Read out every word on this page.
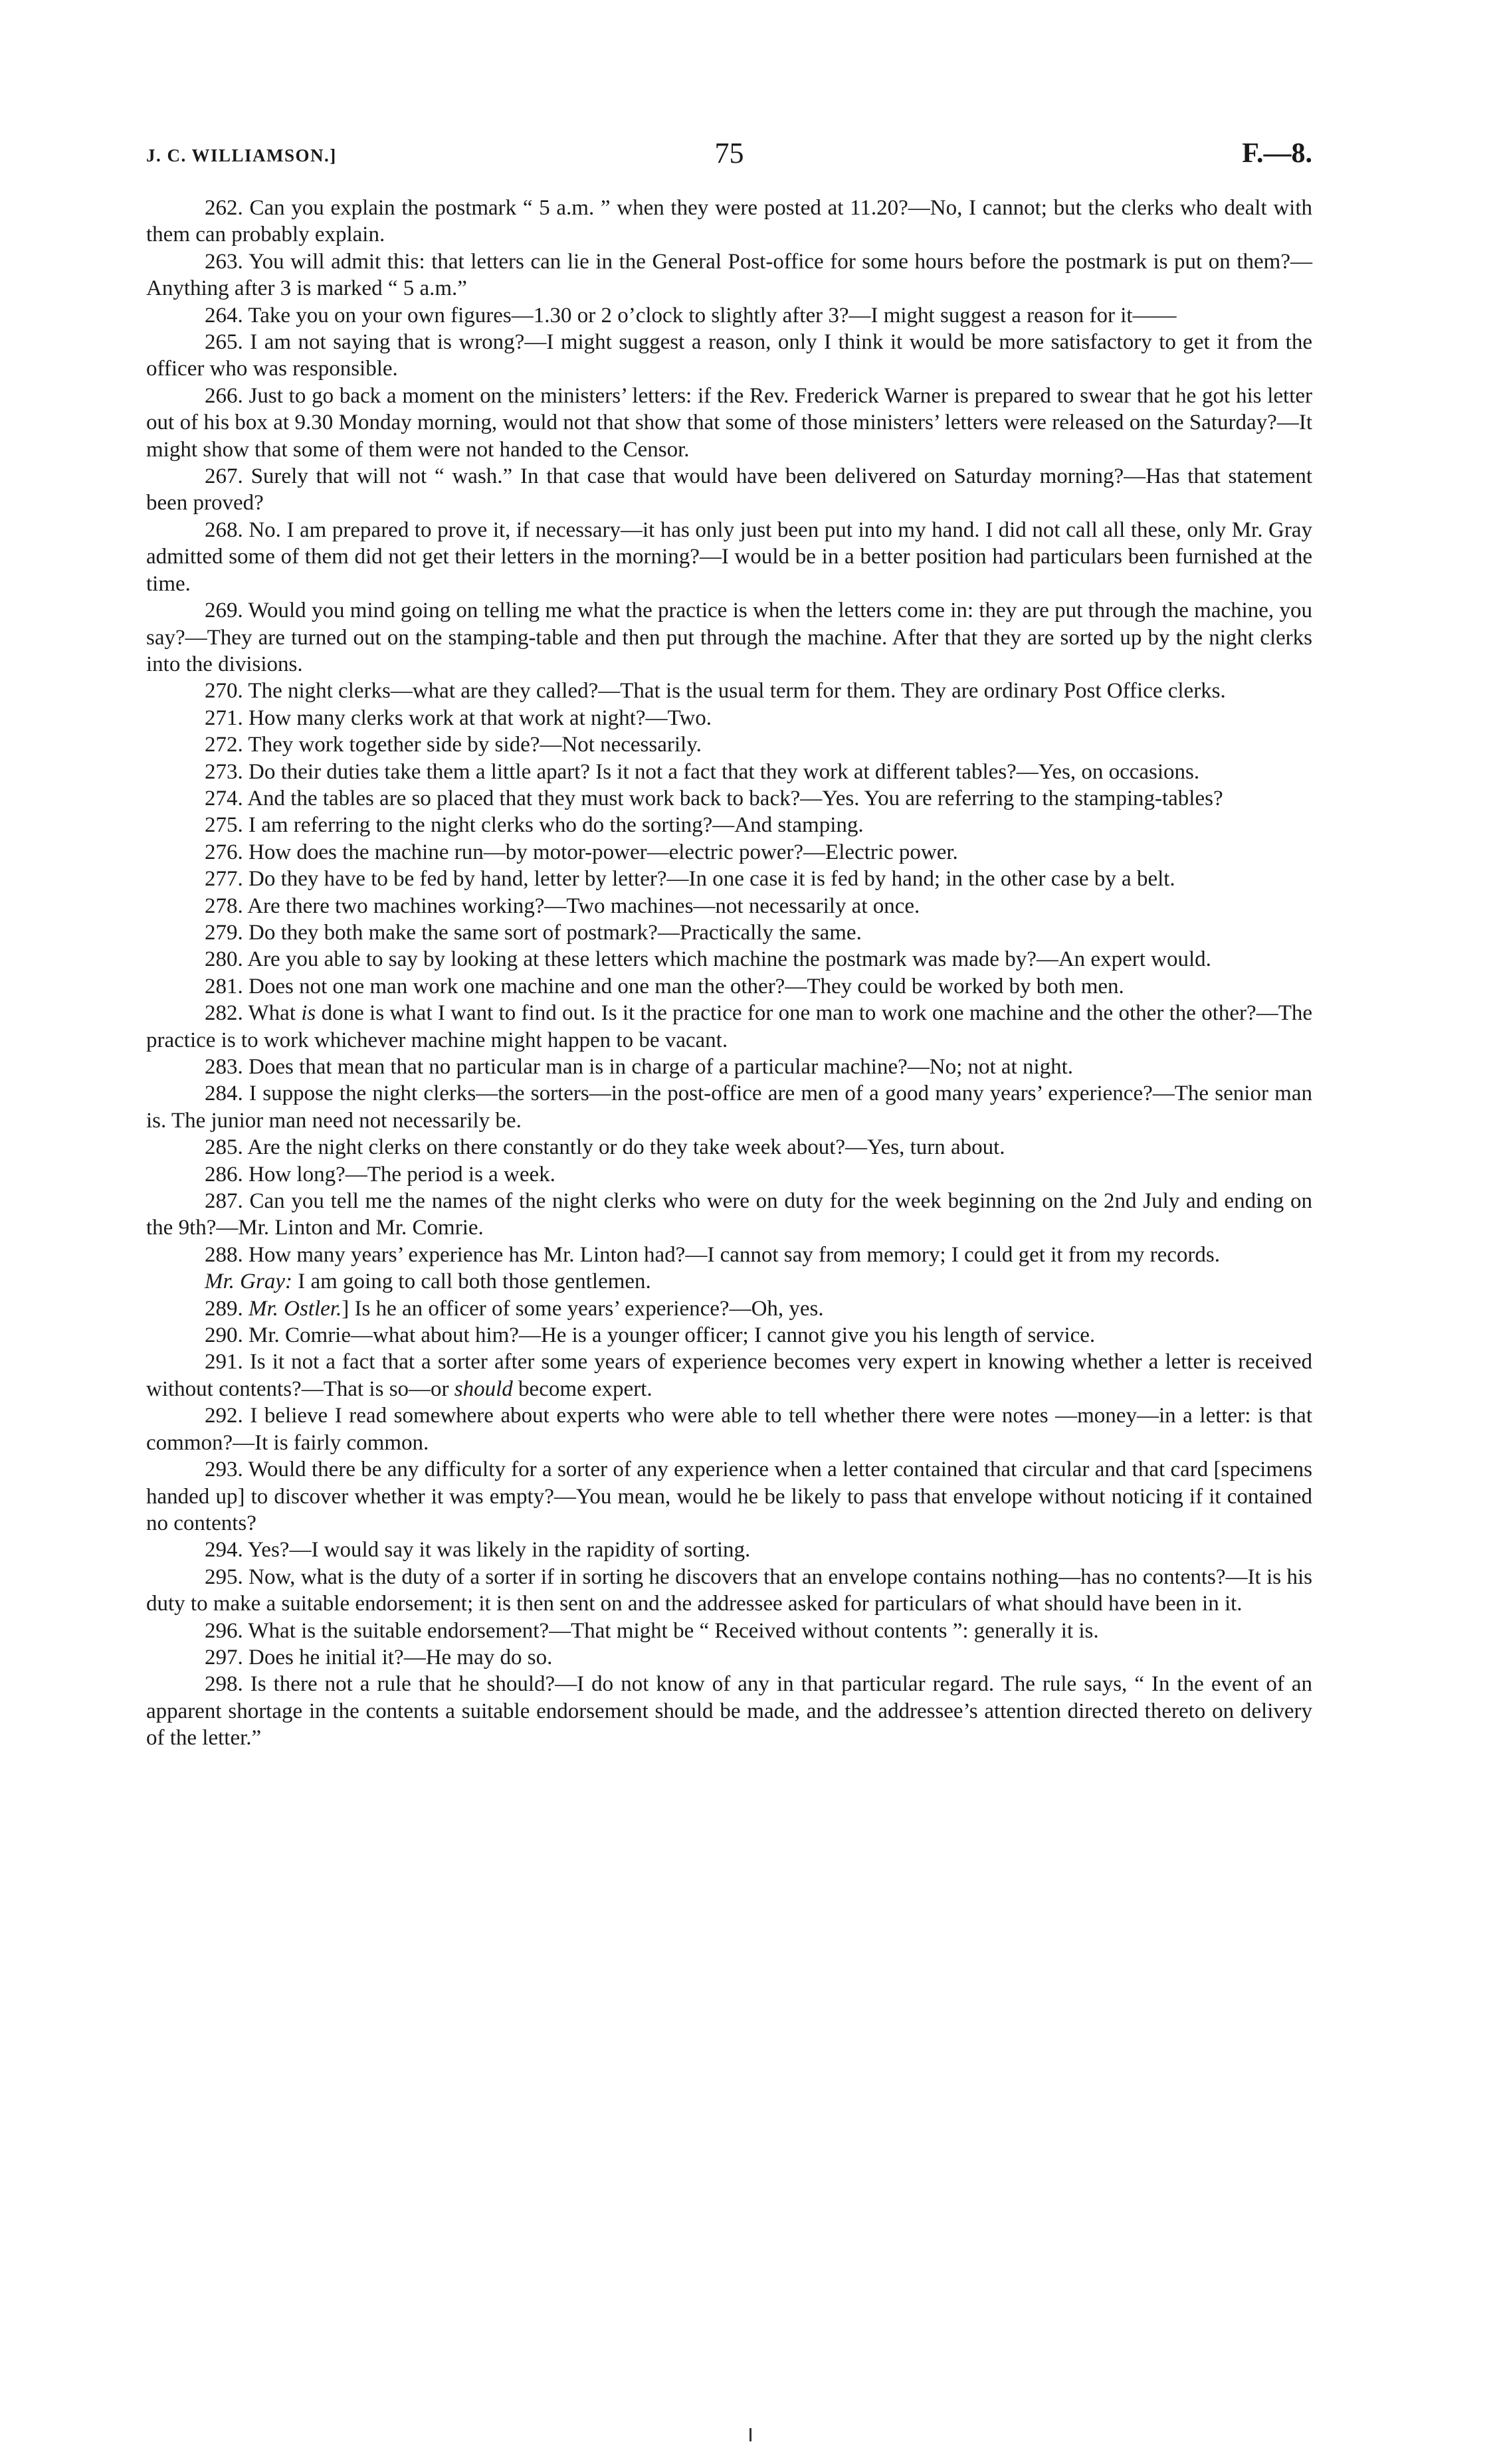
J. C. WILLIAMSON.]	75	F.—8.

262. Can you explain the postmark “ 5 a.m. ” when they were posted at 11.20?—No, I cannot; but the clerks who dealt with them can probably explain.

263. You will admit this: that letters can lie in the General Post-office for some hours before the postmark is put on them?—Anything after 3 is marked “ 5 a.m.”

264. Take you on your own figures—1.30 or 2 o’clock to slightly after 3?—I might suggest a reason for it——

265. I am not saying that is wrong?—I might suggest a reason, only I think it would be more satisfactory to get it from the officer who was responsible.

266. Just to go back a moment on the ministers’ letters: if the Rev. Frederick Warner is prepared to swear that he got his letter out of his box at 9.30 Monday morning, would not that show that some of those ministers’ letters were released on the Saturday?—It might show that some of them were not handed to the Censor.

267. Surely that will not “ wash.” In that case that would have been delivered on Saturday morning?—Has that statement been proved?

268. No. I am prepared to prove it, if necessary—it has only just been put into my hand. I did not call all these, only Mr. Gray admitted some of them did not get their letters in the morning?—I would be in a better position had particulars been furnished at the time.

269. Would you mind going on telling me what the practice is when the letters come in: they are put through the machine, you say?—They are turned out on the stamping-table and then put through the machine. After that they are sorted up by the night clerks into the divisions.

270. The night clerks—what are they called?—That is the usual term for them. They are ordinary Post Office clerks.

271. How many clerks work at that work at night?—Two.

272. They work together side by side?—Not necessarily.

273. Do their duties take them a little apart? Is it not a fact that they work at different tables?—Yes, on occasions.

274. And the tables are so placed that they must work back to back?—Yes. You are referring to the stamping-tables?

275. I am referring to the night clerks who do the sorting?—And stamping.

276. How does the machine run—by motor-power—electric power?—Electric power.

277. Do they have to be fed by hand, letter by letter?—In one case it is fed by hand; in the other case by a belt.

278. Are there two machines working?—Two machines—not necessarily at once.

279. Do they both make the same sort of postmark?—Practically the same.

280. Are you able to say by looking at these letters which machine the postmark was made by?—An expert would.

281. Does not one man work one machine and one man the other?—They could be worked by both men.

282. What is done is what I want to find out. Is it the practice for one man to work one machine and the other the other?—The practice is to work whichever machine might happen to be vacant.

283. Does that mean that no particular man is in charge of a particular machine?—No; not at night.

284. I suppose the night clerks—the sorters—in the post-office are men of a good many years’ experience?—The senior man is. The junior man need not necessarily be.

285. Are the night clerks on there constantly or do they take week about?—Yes, turn about.

286. How long?—The period is a week.

287. Can you tell me the names of the night clerks who were on duty for the week beginning on the 2nd July and ending on the 9th?—Mr. Linton and Mr. Comrie.

288. How many years’ experience has Mr. Linton had?—I cannot say from memory; I could get it from my records.

Mr. Gray: I am going to call both those gentlemen.

289. Mr. Ostler.] Is he an officer of some years’ experience?—Oh, yes.

290. Mr. Comrie—what about him?—He is a younger officer; I cannot give you his length of service.

291. Is it not a fact that a sorter after some years of experience becomes very expert in knowing whether a letter is received without contents?—That is so—or should become expert.

292. I believe I read somewhere about experts who were able to tell whether there were notes —money—in a letter: is that common?—It is fairly common.

293. Would there be any difficulty for a sorter of any experience when a letter contained that circular and that card [specimens handed up] to discover whether it was empty?—You mean, would he be likely to pass that envelope without noticing if it contained no contents?

294. Yes?—I would say it was likely in the rapidity of sorting.

295. Now, what is the duty of a sorter if in sorting he discovers that an envelope contains nothing—has no contents?—It is his duty to make a suitable endorsement; it is then sent on and the addressee asked for particulars of what should have been in it.

296. What is the suitable endorsement?—That might be “ Received without contents ”: generally it is.

297. Does he initial it?—He may do so.

298. Is there not a rule that he should?—I do not know of any in that particular regard. The rule says, “ In the event of an apparent shortage in the contents a suitable endorsement should be made, and the addressee’s attention directed thereto on delivery of the letter.”
